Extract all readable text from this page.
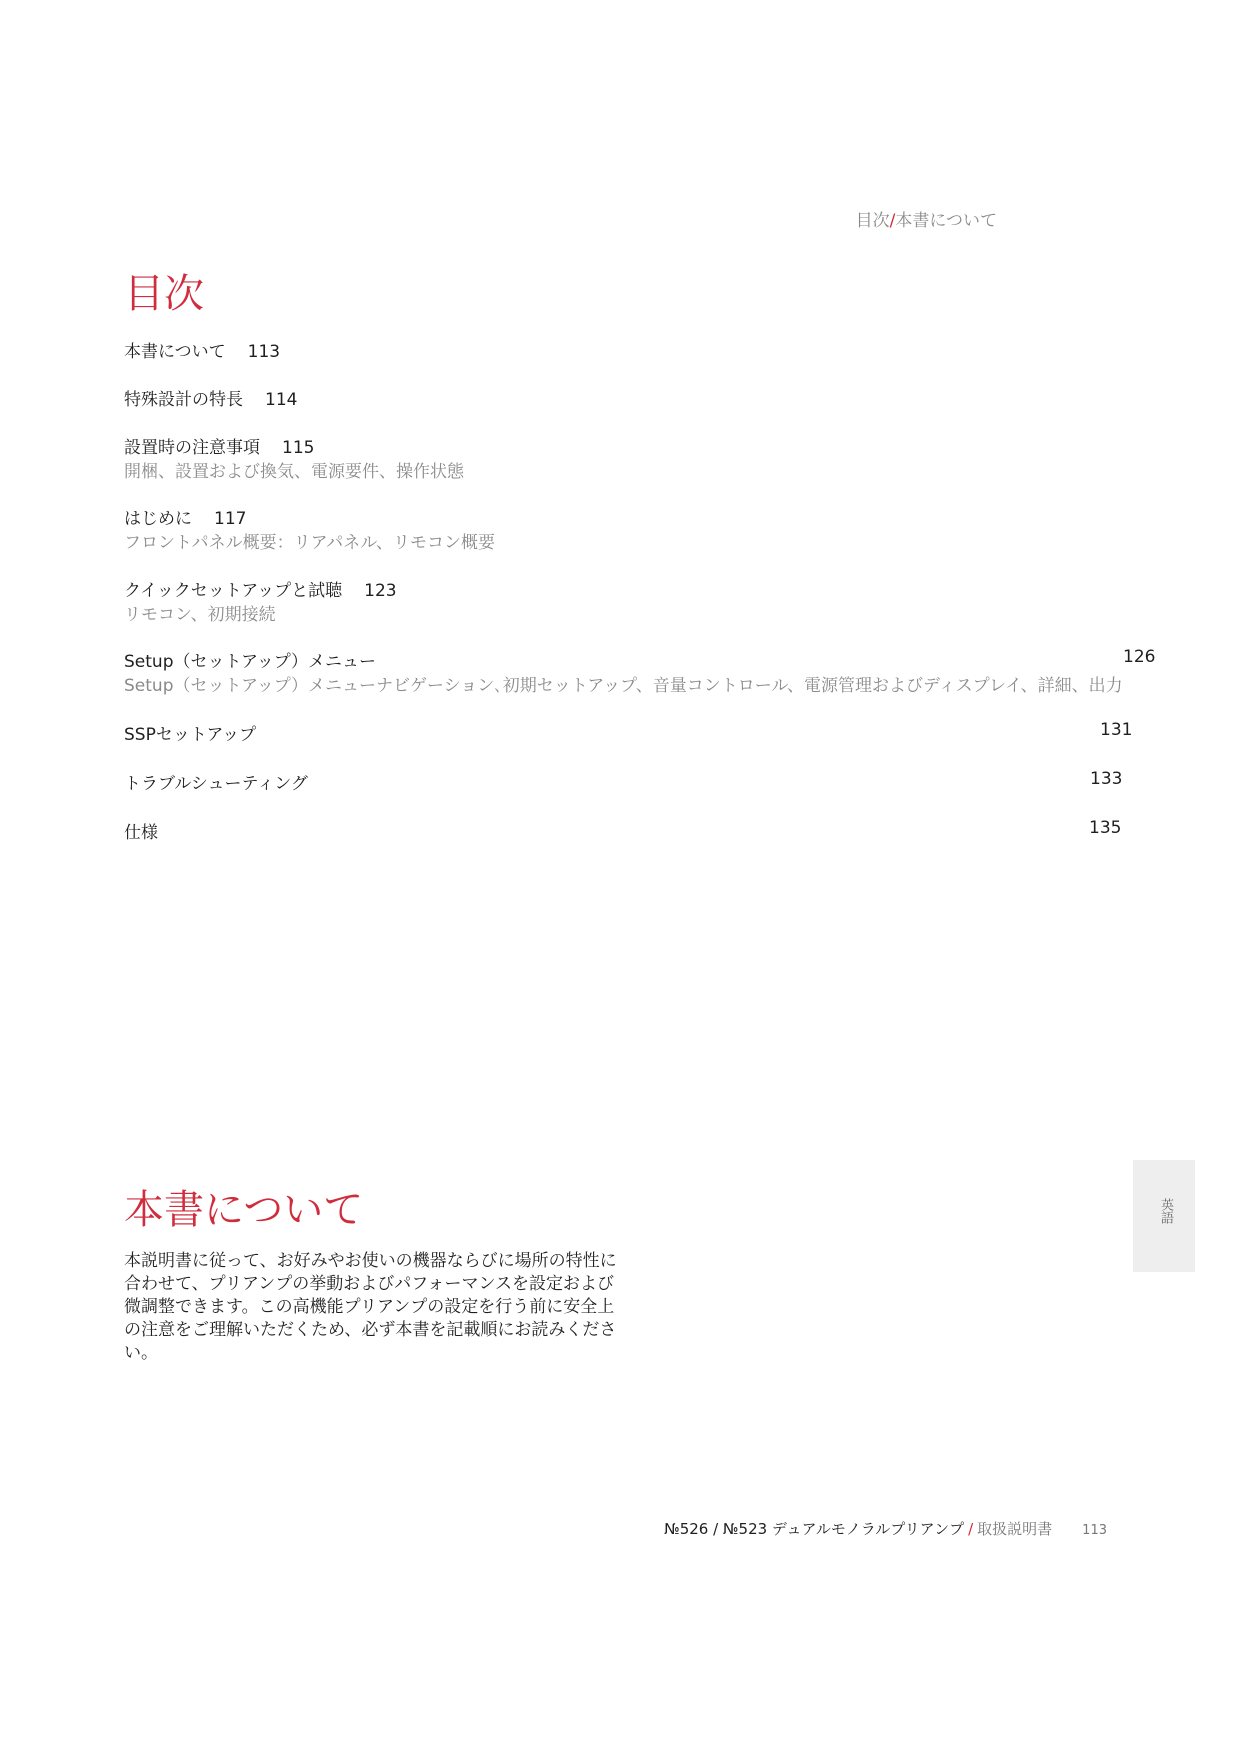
目次/本書について
目次
本書について 113
特殊設計の特長 114
設置時の注意事項 115
開梱、設置および換気、電源要件、操作状態
はじめに 117
フロントパネル概要：リアパネル、リモコン概要
クイックセットアップと試聴 123
リモコン、初期接続
Setup（セットアップ）メニュー	126
Setup（セットアップ）メニューナビゲーション､初期セットアップ、音量コントロール、電源管理およびディスプレイ、詳細、出力
SSPセットアップ	131
トラブルシューティング	133
仕様	135
本書について

本説明書に従って、お好みやお使いの機器ならびに場所の特性に合わせて、プリアンプの挙動およびパフォーマンスを設定および微調整できます。この高機能プリアンプの設定を行う前に安全上の注意をご理解いただくため、必ず本書を記載順にお読みください。

英語
№526 / №523 デュアルモノラルプリアンプ / 取扱説明書 113
